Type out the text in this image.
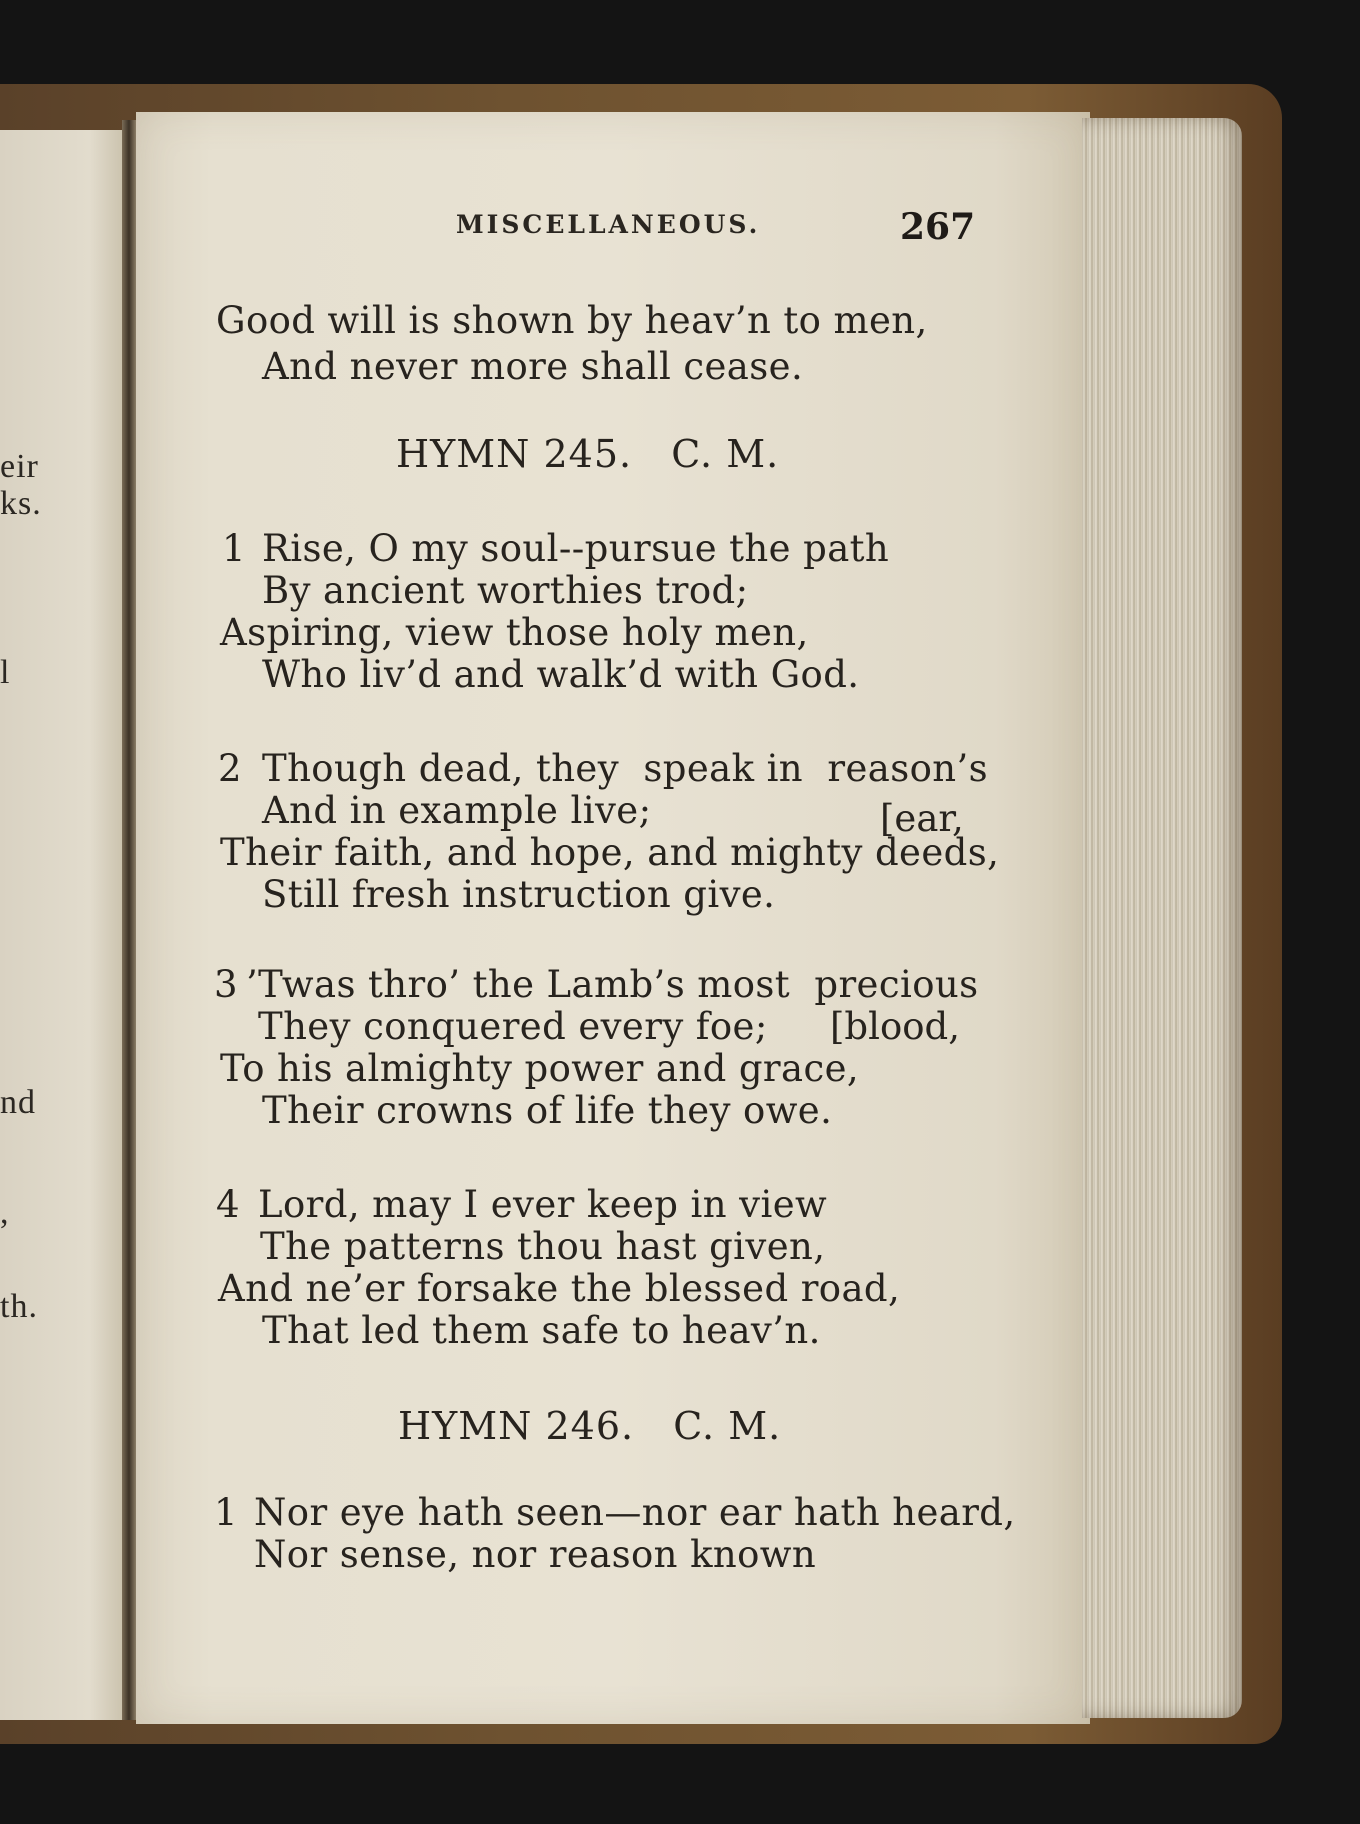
eir
ks.
l
nd
,
th.
MISCELLANEOUS.	267
Good will is shown by heav’n to men,
And never more shall cease.
HYMN 245.   C. M.
1 Rise, O my soul--pursue the path
By ancient worthies trod;
Aspiring, view those holy men,
Who liv’d and walk’d with God.
2 Though dead, they  speak in  reason’s
And in example live;	[ear,
Their faith, and hope, and mighty deeds,
Still fresh instruction give.
3 ’Twas thro’ the Lamb’s most  precious
They conquered every foe; [blood,
To his almighty power and grace,
Their crowns of life they owe.
4 Lord, may I ever keep in view
The patterns thou hast given,
And ne’er forsake the blessed road,
That led them safe to heav’n.
HYMN 246.   C. M.
1 Nor eye hath seen—nor ear hath heard,
Nor sense, nor reason known
